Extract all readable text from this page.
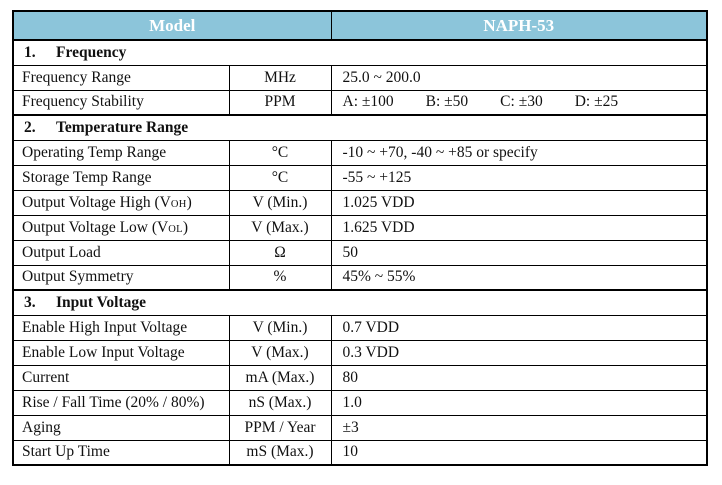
Model		NAPH-53
1. Frequency		
Frequency Range	MHz	25.0 ~ 200.0
Frequency Stability	PPM	A: ±100 B: ±50 C: ±30 D: ±25
2. Temperature Range		
Operating Temp Range	°C	-10 ~ +70, -40 ~ +85 or specify
Storage Temp Range	°C	-55 ~ +125
Output Voltage High (VOH)	V (Min.)	1.025 VDD
Output Voltage Low (VOL)	V (Max.)	1.625 VDD
Output Load	Ω	50
Output Symmetry	%	45% ~ 55%
3. Input Voltage		
Enable High Input Voltage	V (Min.)	0.7 VDD
Enable Low Input Voltage	V (Max.)	0.3 VDD
Current	mA (Max.)	80
Rise / Fall Time (20% / 80%)	nS (Max.)	1.0
Aging	PPM / Year	±3
Start Up Time	mS (Max.)	10
